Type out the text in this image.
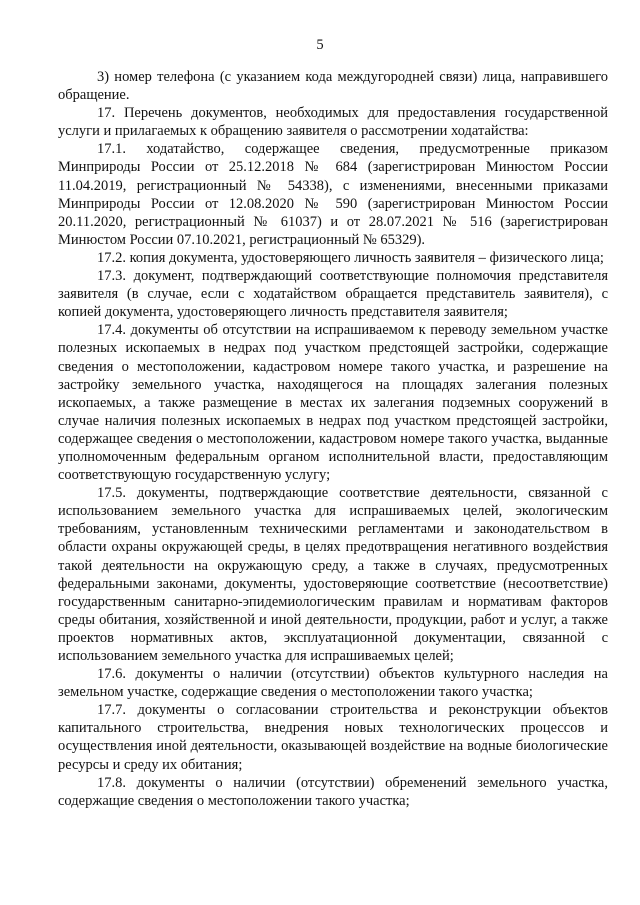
5

3) номер телефона (с указанием кода междугородней связи) лица, направившего обращение.

17. Перечень документов, необходимых для предоставления государственной услуги и прилагаемых к обращению заявителя о рассмотрении ходатайства:

17.1. ходатайство, содержащее сведения, предусмотренные приказом Минприроды России от 25.12.2018 № 684 (зарегистрирован Минюстом России 11.04.2019, регистрационный № 54338), с изменениями, внесенными приказами Минприроды России от 12.08.2020 № 590 (зарегистрирован Минюстом России 20.11.2020, регистрационный № 61037) и от 28.07.2021 № 516 (зарегистрирован Минюстом России 07.10.2021, регистрационный № 65329).

17.2. копия документа, удостоверяющего личность заявителя – физического лица;

17.3. документ, подтверждающий соответствующие полномочия представителя заявителя (в случае, если с ходатайством обращается представитель заявителя), с копией документа, удостоверяющего личность представителя заявителя;

17.4. документы об отсутствии на испрашиваемом к переводу земельном участке полезных ископаемых в недрах под участком предстоящей застройки, содержащие сведения о местоположении, кадастровом номере такого участка, и разрешение на застройку земельного участка, находящегося на площадях залегания полезных ископаемых, а также размещение в местах их залегания подземных сооружений в случае наличия полезных ископаемых в недрах под участком предстоящей застройки, содержащее сведения о местоположении, кадастровом номере такого участка, выданные уполномоченным федеральным органом исполнительной власти, предоставляющим соответствующую государственную услугу;

17.5. документы, подтверждающие соответствие деятельности, связанной с использованием земельного участка для испрашиваемых целей, экологическим требованиям, установленным техническими регламентами и законодательством в области охраны окружающей среды, в целях предотвращения негативного воздействия такой деятельности на окружающую среду, а также в случаях, предусмотренных федеральными законами, документы, удостоверяющие соответствие (несоответствие) государственным санитарно-эпидемиологическим правилам и нормативам факторов среды обитания, хозяйственной и иной деятельности, продукции, работ и услуг, а также проектов нормативных актов, эксплуатационной документации, связанной с использованием земельного участка для испрашиваемых целей;

17.6. документы о наличии (отсутствии) объектов культурного наследия на земельном участке, содержащие сведения о местоположении такого участка;

17.7. документы о согласовании строительства и реконструкции объектов капитального строительства, внедрения новых технологических процессов и осуществления иной деятельности, оказывающей воздействие на водные биологические ресурсы и среду их обитания;

17.8. документы о наличии (отсутствии) обременений земельного участка, содержащие сведения о местоположении такого участка;
